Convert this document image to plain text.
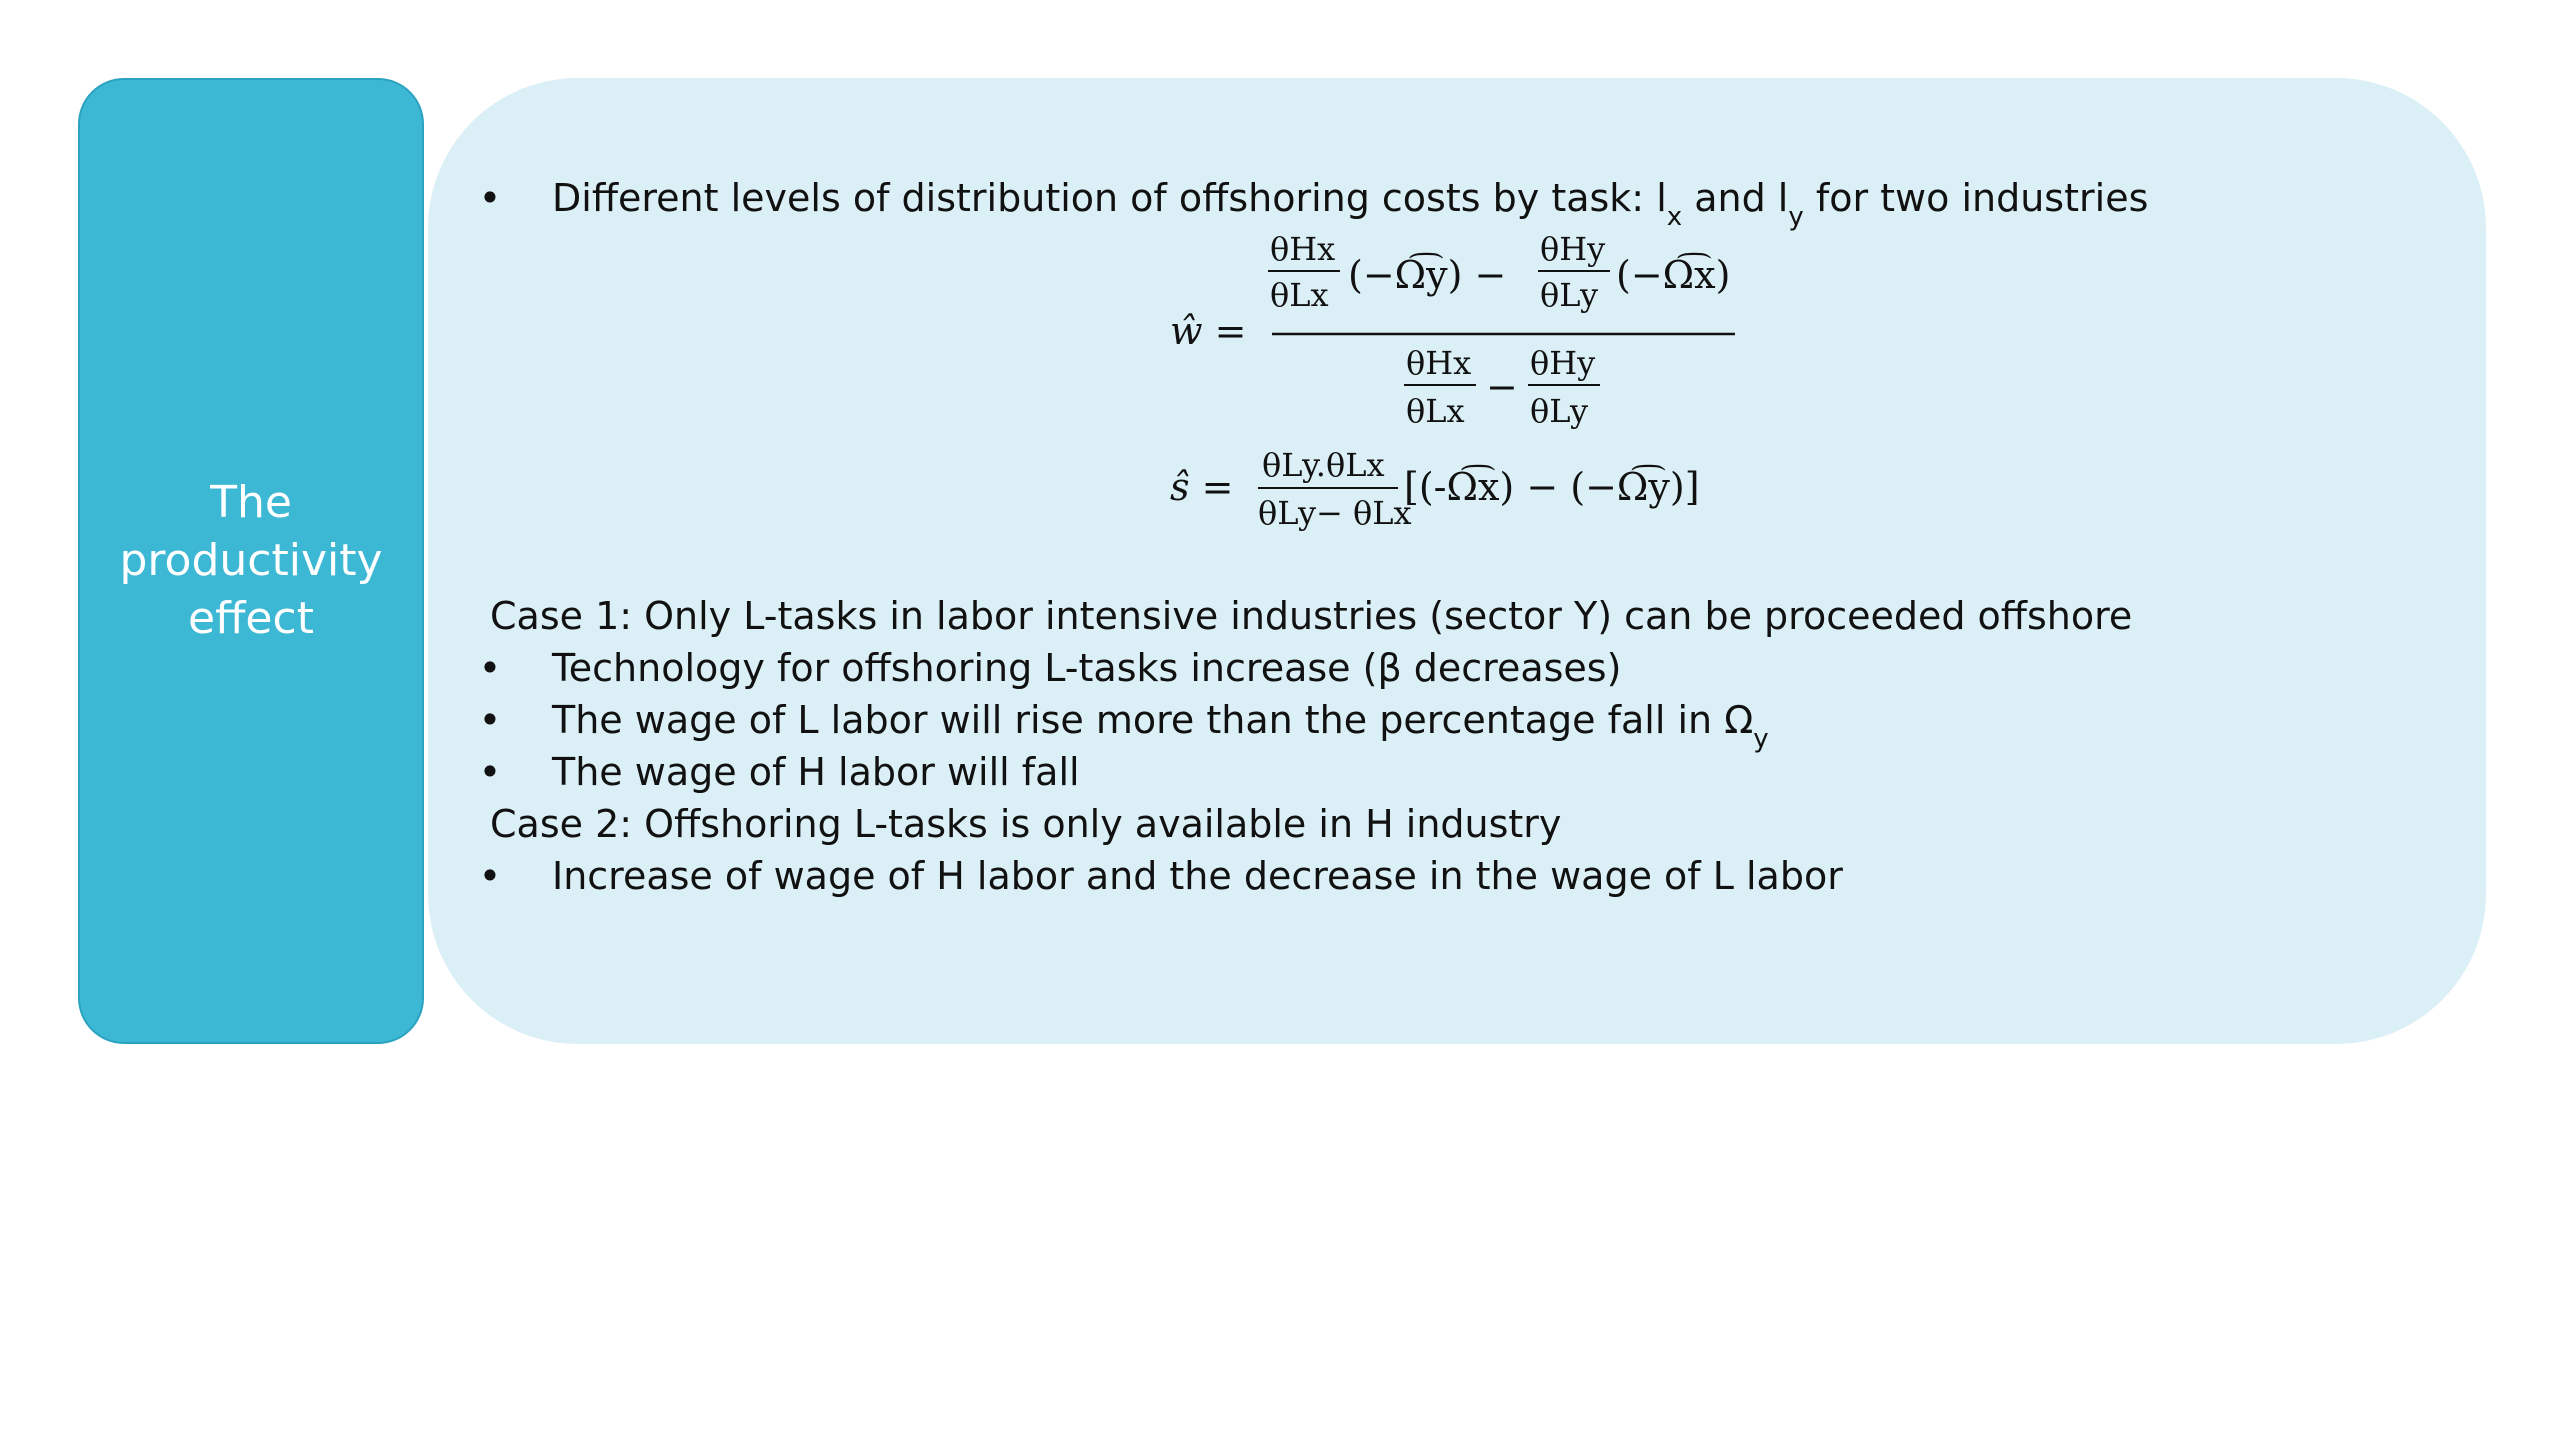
The productivity effect
•	Different levels of distribution of offshoring costs by task: $l_x$ and $l_y$ for two industries
ŵ =
θHx
θLx (−Ω͡y) −
θHy
θLy (−Ω͡x)
θHx
θLx
−
θHy
θLy
ŝ = θLy.θLx
θLy− θLx
[(-Ω͡x) − (−Ω͡y)]
Case 1: Only L-tasks in labor intensive industries (sector Y) can be proceeded offshore
•	Technology for offshoring L-tasks increase (β decreases)
•	The wage of L labor will rise more than the percentage fall in $\Omega_y$
•	The wage of H labor will fall
Case 2: Offshoring L-tasks is only available in H industry
•	Increase of wage of H labor and the decrease in the wage of L labor
